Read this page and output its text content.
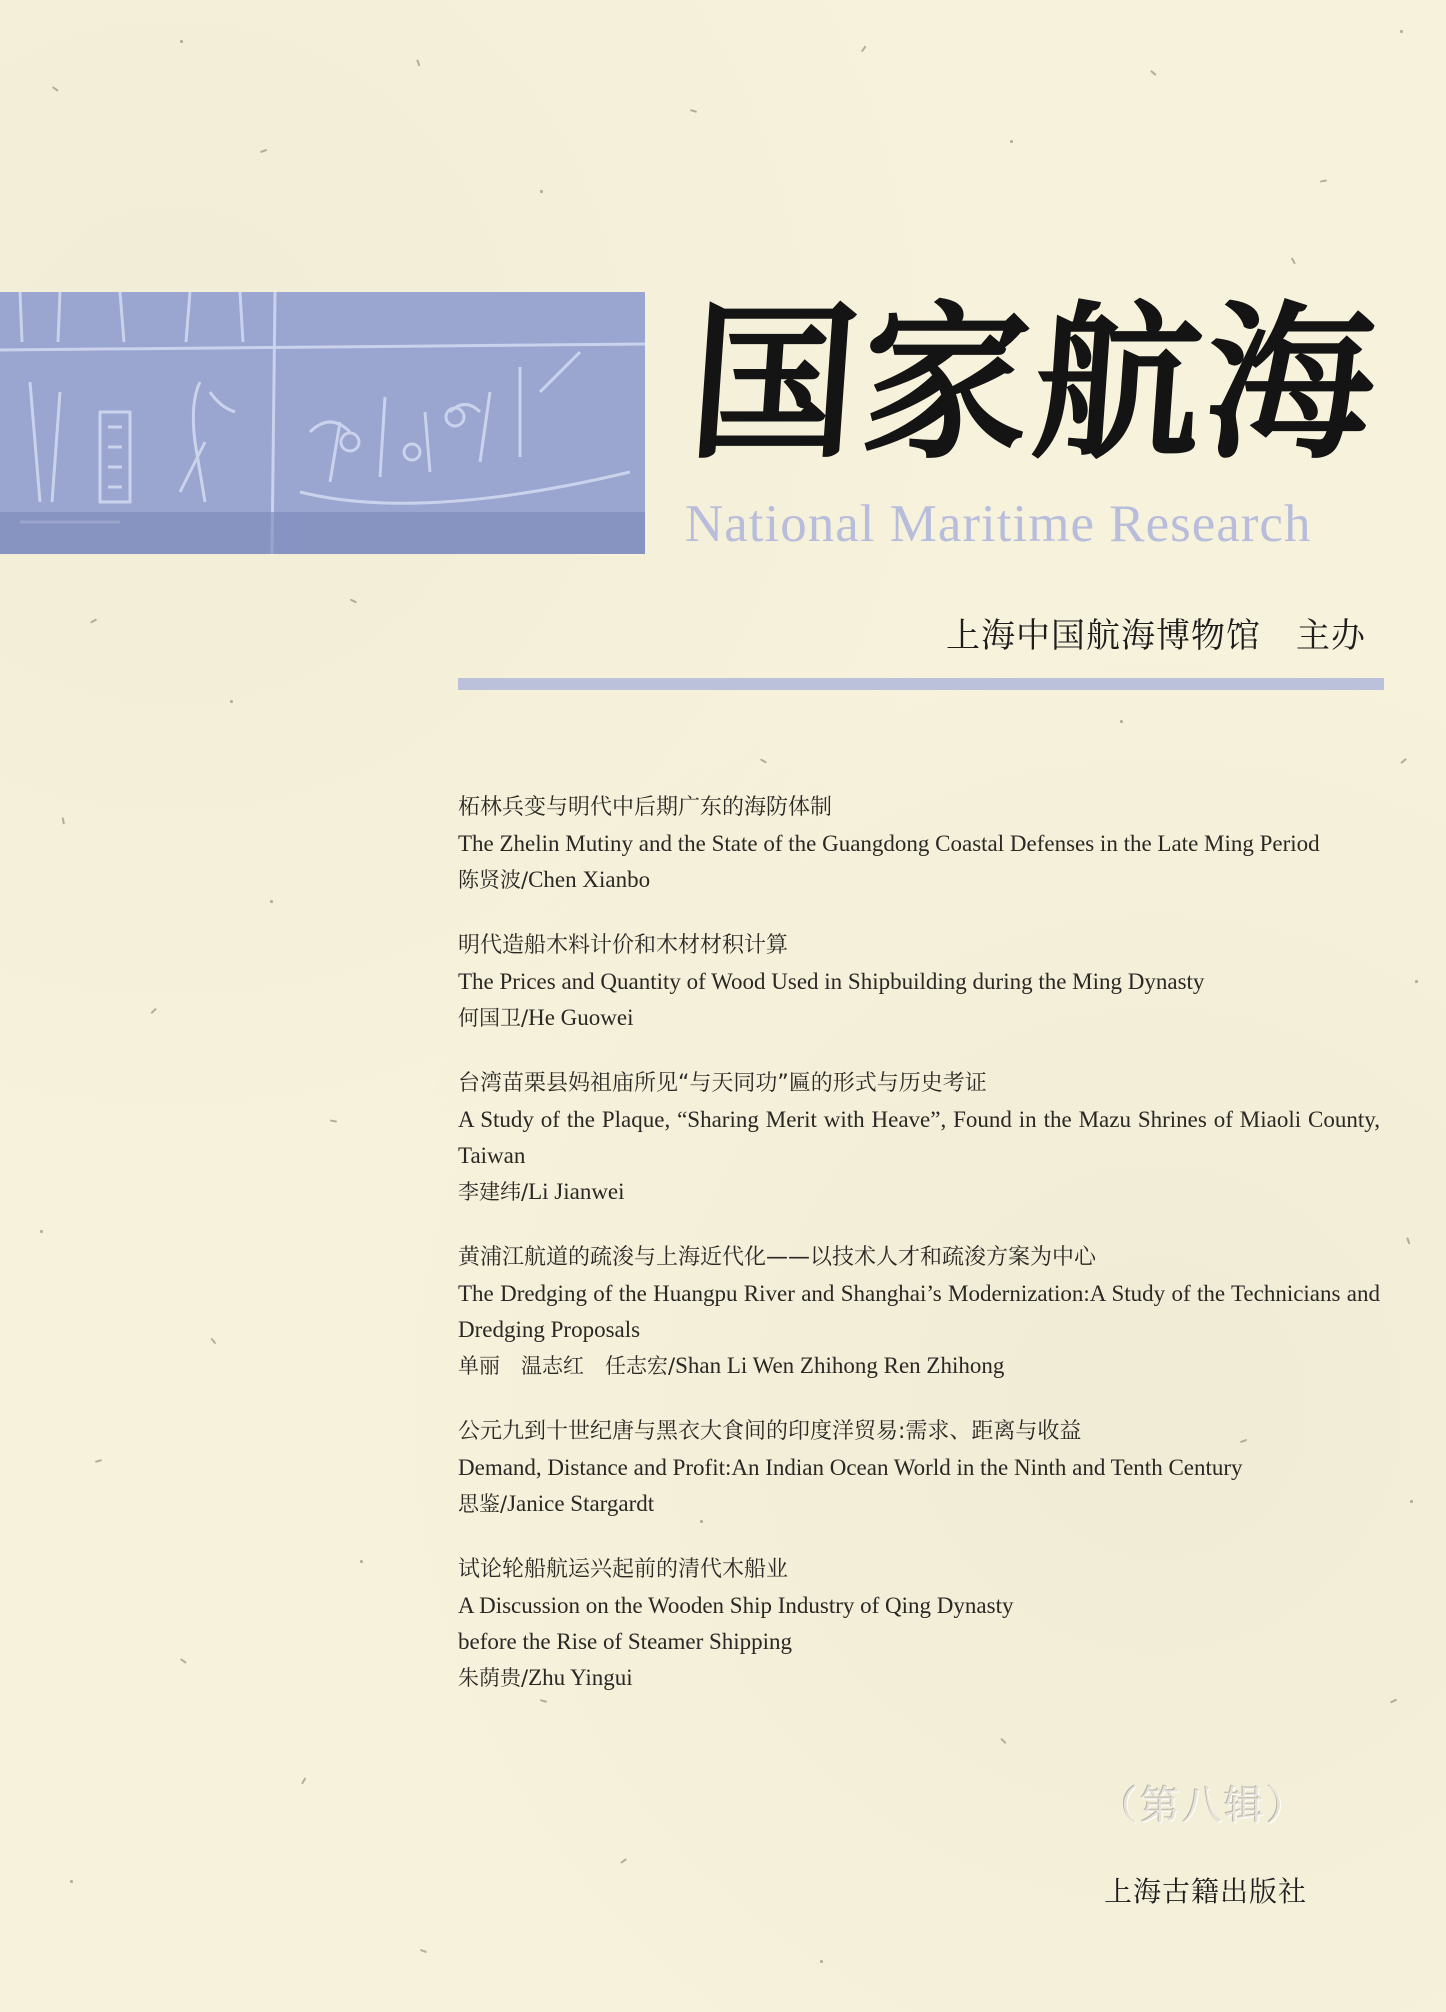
国家航海
National Maritime Research
上海中国航海博物馆　主办
柘林兵变与明代中后期广东的海防体制
The Zhelin Mutiny and the State of the Guangdong Coastal Defenses in the Late Ming Period
陈贤波/Chen Xianbo
明代造船木料计价和木材材积计算
The Prices and Quantity of Wood Used in Shipbuilding during the Ming Dynasty
何国卫/He Guowei
台湾苗栗县妈祖庙所见“与天同功”匾的形式与历史考证
A Study of the Plaque, “Sharing Merit with Heave”, Found in the Mazu Shrines of Miaoli County, Taiwan
李建纬/Li Jianwei
黄浦江航道的疏浚与上海近代化——以技术人才和疏浚方案为中心
The Dredging of the Huangpu River and Shanghai’s Modernization:A Study of the Technicians and Dredging Proposals
单丽　温志红　任志宏/Shan Li Wen Zhihong Ren Zhihong
公元九到十世纪唐与黑衣大食间的印度洋贸易:需求、距离与收益
Demand, Distance and Profit:An Indian Ocean World in the Ninth and Tenth Century
思鉴/Janice Stargardt
试论轮船航运兴起前的清代木船业
A Discussion on the Wooden Ship Industry of Qing Dynasty
before the Rise of Steamer Shipping
朱荫贵/Zhu Yingui
（第八辑）
上海古籍出版社
